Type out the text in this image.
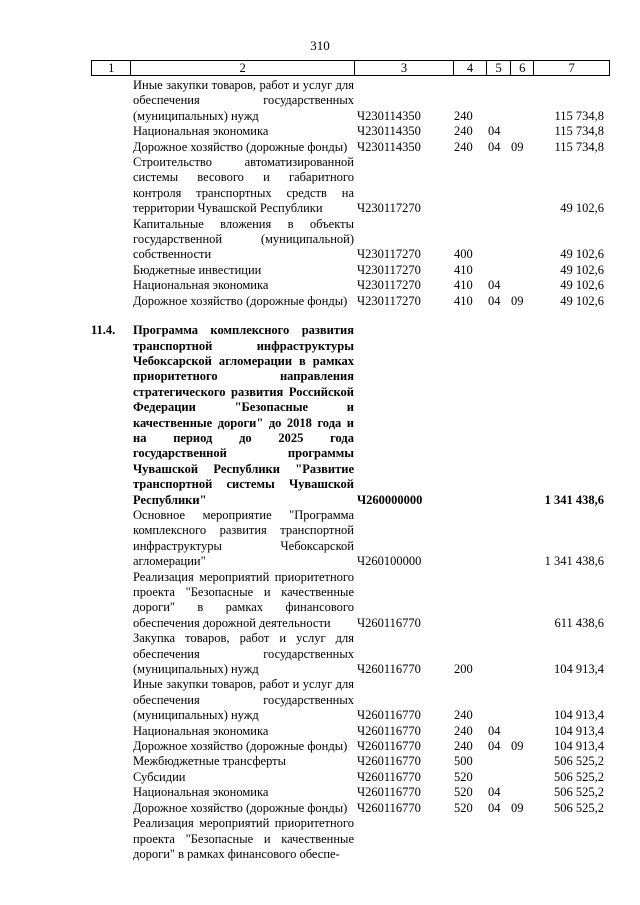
310
1	2	3	4	5	6	7
Иные закупки товаров, работ и услуг для обеспечения государственных (муниципальных) нужд	Ч230114350	240	115 734,8
Национальная экономика	Ч230114350	240	04	115 734,8
Дорожное хозяйство (дорожные фонды) Ч230114350	240	04 09	115 734,8
Строительство автоматизированной системы весового и габаритного контроля транспортных средств на территории Чувашской Республики	Ч230117270	49 102,6
Капитальные вложения в объекты государственной (муниципальной) собственности	Ч230117270	400	49 102,6
Бюджетные инвестиции	Ч230117270	410	49 102,6
Национальная экономика	Ч230117270	410	04	49 102,6
Дорожное хозяйство (дорожные фонды) Ч230117270	410	04 09	49 102,6
11.4.	Программа комплексного развития транспортной инфраструктуры Чебоксарской агломерации в рамках приоритетного направления стратегического развития Российской Федерации "Безопасные и качественные дороги" до 2018 года и на период до 2025 года государственной программы Чувашской Республики "Развитие транспортной системы Чувашской Республики"	Ч260000000	1 341 438,6
Основное мероприятие "Программа комплексного развития транспортной инфраструктуры Чебоксарской агломерации"	Ч260100000	1 341 438,6
Реализация мероприятий приоритетного проекта "Безопасные и качественные дороги" в рамках финансового обеспечения дорожной деятельности	Ч260116770	611 438,6
Закупка товаров, работ и услуг для обеспечения государственных (муниципальных) нужд	Ч260116770	200	104 913,4
Иные закупки товаров, работ и услуг для обеспечения государственных (муниципальных) нужд	Ч260116770	240	104 913,4
Национальная экономика	Ч260116770	240	04	104 913,4
Дорожное хозяйство (дорожные фонды) Ч260116770	240	04 09	104 913,4
Межбюджетные трансферты	Ч260116770	500	506 525,2
Субсидии	Ч260116770	520	506 525,2
Национальная экономика	Ч260116770	520	04	506 525,2
Дорожное хозяйство (дорожные фонды) Ч260116770	520	04 09	506 525,2
Реализация мероприятий приоритетного проекта "Безопасные и качественные дороги" в рамках финансового обеспе-
